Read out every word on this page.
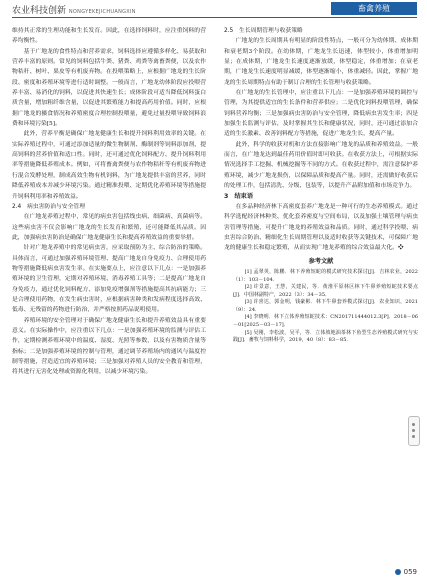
农业科技创新 NONGYEKEJICHUANGXIN	畜禽养殖

维持其正常的生理功能和生长发育。因此，在选择饲料时，应注重饲料的营养均衡性。

基于广地龙的食性特点和营养需求，饲料选择应遵循多样化、易获取和营养丰富的原则。常见的饲料包括牛粪、猪粪、鸡粪等禽畜粪便，以及农作物秸秆、树叶、果皮等有机废弃物。在投喂策略上，应根据广地龙的生长阶段、密度和养殖环境等进行适时调整。一般而言，广地龙幼体阶段应投喂营养丰富、易消化的饲料，以促进其快速生长；成体阶段可适当降低饲料蛋白质含量，增加粗纤维含量，以促进其繁殖能力和提高药用价值。同时，应根据广地龙的摄食情况和养殖密度合理控制投喂量，避免过量投喂导致饲料浪费和环境污染[5]。

此外，营养平衡是确保广地龙健康生长和提升饲料利用效率的关键。在实际养殖过程中，可通过添加适量的微生物制剂、酶制剂等饲料添加剂，提高饲料的营养价值和适口性。同时，还可通过优化饲料配方、提升饲料利用率等措施降低养殖成本。例如，可将畜禽粪便与农作物秸秆等有机废弃物进行混合发酵处理，制成高效生物有机饲料，为广地龙提供丰富的营养，同时降低养殖成本并减少环境污染。通过精准投喂、定期优化养殖环境等措施提升饲料利用率和养殖效益。

2.4　病虫害防治与安全管理

在广地龙养殖过程中，常见的病虫害包括线虫病、细菌病、真菌病等。这些病虫害不仅会影响广地龙的生长发育和繁殖，还可能降低其品质。因此，加强病虫害防治是确保广地龙健康生长和提高养殖效益的重要举措。

针对广地龙养殖中的常见病虫害，应采取预防为主、综合防治的策略。具体而言，可通过加强养殖环境管理、提高广地龙自身免疫力、合理使用药物等措施降低病虫害发生率。在实施要点上，应注意以下几点：一是加强养殖环境的卫生管理，定期对养殖环境、消毒养殖工具等；二是提高广地龙自身免疫力，通过优化饲料配方、添加免疫增强剂等措施提高其抗病能力；三是合理使用药物，在发生病虫害时，应根据病害种类和发病程度选择高效、低毒、无残留的药物进行防治，并严格按照药品说明使用。

养殖环境的安全管理对于确保广地龙健康生长和提升养殖效益具有重要意义。在实际操作中，应注重以下几点：一是加强养殖环境的监测与评估工作，定期检测养殖环境中的温度、湿度、光照等参数，以及有害物质含量等指标；二是加强养殖环境的控制与管理，通过调节养殖场内的通风与温度控制等措施，营造适宜的养殖环境；三是加强对养殖人员的安全教育和管理，将其进行无害化处理或资源化利用，以减少环境污染。

2.5　生长周期管理与收获策略

广地龙的生长周期具有明显的阶段性特点，一般可分为幼体期、成体期和衰老期3个阶段。在幼体期，广地龙生长迅速，体型较小，体重增加明显；在成体期，广地龙生长速度逐渐放缓，体型稳定，体重增加；在衰老期，广地龙生长速度明显减缓，体型逐渐缩小，体重减轻。因此，掌握广地龙的生长周期特点有助于制订合理的生长管理与收获策略。

在广地龙的生长管理中，应注重以下几点：一是加强养殖环境的调控与管理，为其提供适宜的生长条件和营养供应；二是优化饲料投喂管理，确保饲料营养均衡；三是加强病虫害防治与安全管理，降低病虫害发生率；四是加强生长监测与评估，及时掌握其生长和健康状况，同时，还可通过添加合适的生长激素、改善饲料配方等措施，促进广地龙生长，提高产量。

此外，科学的收获对机和方法直接影响广地龙的品质和养殖效益。一般而言，在广地龙达到最佳药用价值时即可收获。在收获方法上，可根据实际情况选择手工挖掘、机械挖掘等不同的方式。在收获过程中，需注意保护养殖环境，减少广地龙损伤，以保障品质和提高产量。同时，还需做好收获后的处理工作，包括清洗、分级、包装等，以提升产品附加值和市场竞争力。

3　结束语

在多品种经济林下高密度套养广地龙是一种可行的生态养殖模式。通过科学选配经济林种类、优化套养密度与空间布局，以及加强土壤管理与病虫害管理等措施，可提升广地龙的养殖效益和品质。同时，通过科学投喂、病虫害综合防治、精细化生长周期管理以及适时收获等关键技术，可保障广地龙的健康生长和稳定繁殖，从而实现广地龙养殖的综合效益最大化。❖

参考文献

[1] 孟翠英，陈鹏．林下养殖短蛇的模式研究技术探讨[J]．吉林农业，2022（1）：103－104．

[2] 许景意，王慧，关建民，等．黄淮平原林区林下牛鼻养殖短蛇技术要点[J]．中国林副特产，2022（3）：34－35．

[3] 许喜达，郭金明，钱豪彬．林下牛鼻套养模式探讨[J]．农业知识，2021（9）：24．

[4] 李晓明．林下立体养殖短蛇技术：CN201711444012.3[P]．2018－06－01[2025－03－17]．

[5] 吴刚，李松波，吴平，等．立体坡地油茶林下鱼型生态养殖模式研究与实践[J]．畜牧与饲料科学，2019，40（8）：83－85．

059
